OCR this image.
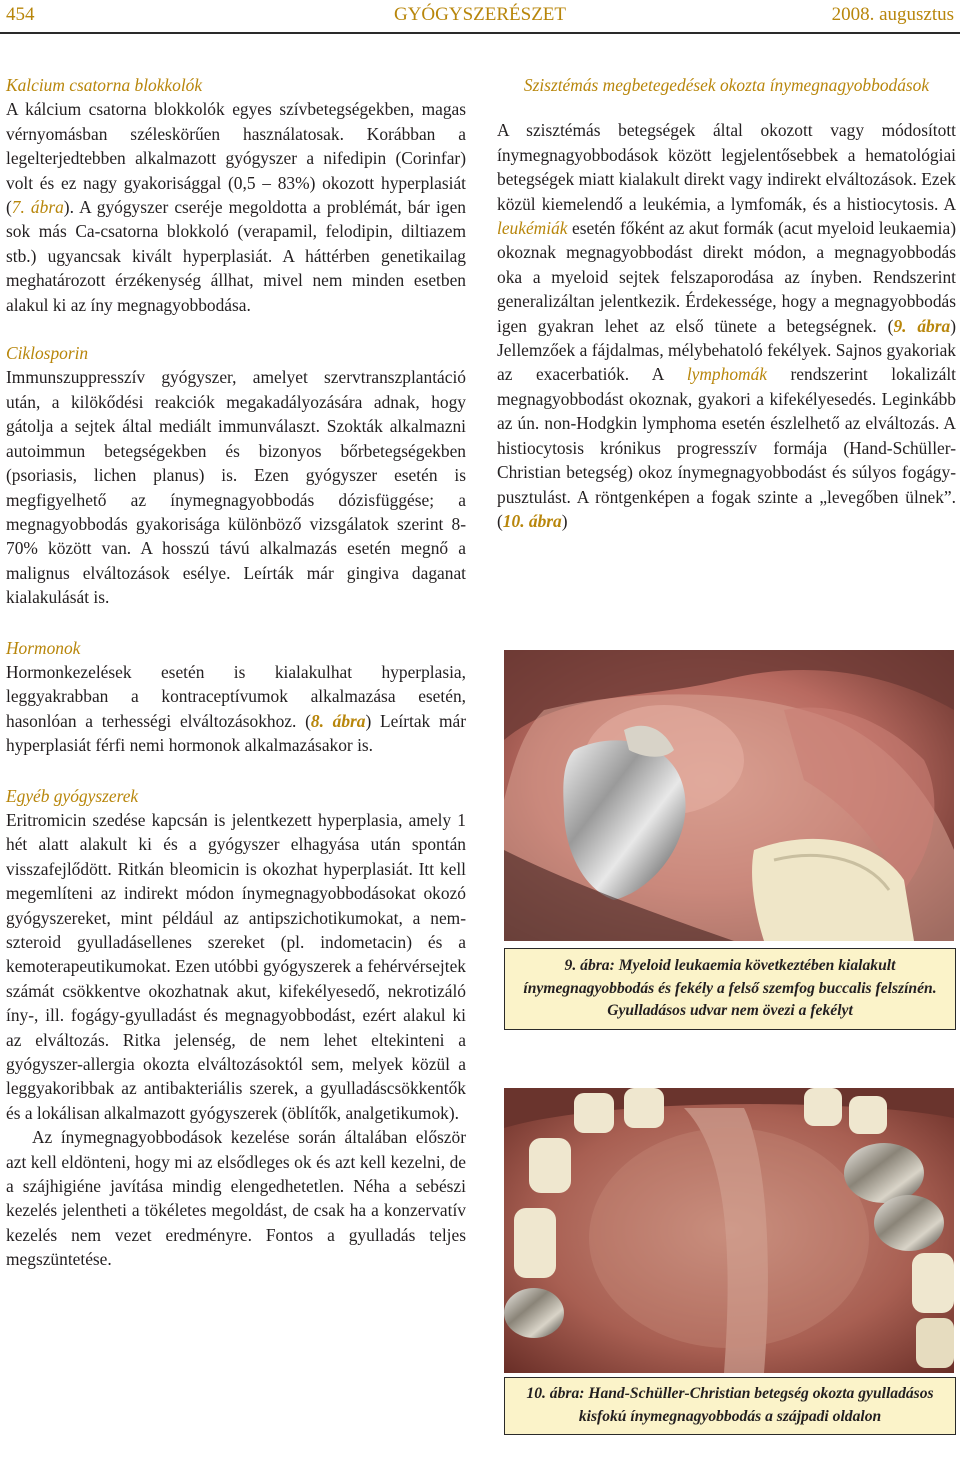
454	GYÓGYSZERÉSZET	2008. augusztus
Kalcium csatorna blokkolók

A kálcium csatorna blokkolók egyes szívbetegségekben, magas vérnyomásban széleskörűen használatosak. Korábban a legelterjedtebben alkalmazott gyógyszer a nifedipin (Corinfar) volt és ez nagy gyakorisággal (0,5 – 83%) okozott hyperplasiát (7. ábra). A gyógyszer cseréje megoldotta a problémát, bár igen sok más Ca-csatorna blokkoló (verapamil, felodipin, diltiazem stb.) ugyancsak kivált hyperplasiát. A háttérben genetikailag meghatározott érzékenység állhat, mivel nem minden esetben alakul ki az íny megnagyobbodása.

Ciklosporin

Immunszuppresszív gyógyszer, amelyet szervtranszplantáció után, a kilökődési reakciók megakadályozására adnak, hogy gátolja a sejtek által mediált immunválaszt. Szokták alkalmazni autoimmun betegségekben és bizonyos bőrbetegségekben (psoriasis, lichen planus) is. Ezen gyógyszer esetén is megfigyelhető az ínymegnagyobbodás dózisfüggése; a megnagyobbodás gyakorisága különböző vizsgálatok szerint 8-70% között van. A hosszú távú alkalmazás esetén megnő a malignus elváltozások esélye. Leírták már gingiva daganat kialakulását is.

Hormonok

Hormonkezelések esetén is kialakulhat hyperplasia, leggyakrabban a kontraceptívumok alkalmazása esetén, hasonlóan a terhességi elváltozásokhoz. (8. ábra) Leírtak már hyperplasiát férfi nemi hormonok alkalmazásakor is.

Egyéb gyógyszerek

Eritromicin szedése kapcsán is jelentkezett hyperplasia, amely 1 hét alatt alakult ki és a gyógyszer elhagyása után spontán visszafejlődött. Ritkán bleomicin is okozhat hyperplasiát. Itt kell megemlíteni az indirekt módon ínymegnagyobbodásokat okozó gyógyszereket, mint például az antipszichotikumokat, a nem-szteroid gyulladásellenes szereket (pl. indometacin) és a kemoterapeutikumokat. Ezen utóbbi gyógyszerek a fehérvérsejtek számát csökkentve okozhatnak akut, kifekélyesedő, nekrotizáló íny-, ill. fogágy-gyulladást és megnagyobbodást, ezért alakul ki az elváltozás. Ritka jelenség, de nem lehet eltekinteni a gyógyszer-allergia okozta elváltozásoktól sem, melyek közül a leggyakoribbak az antibakteriális szerek, a gyulladáscsökkentők és a lokálisan alkalmazott gyógyszerek (öblítők, analgetikumok).

Az ínymegnagyobbodások kezelése során általában először azt kell eldönteni, hogy mi az elsődleges ok és azt kell kezelni, de a szájhigiéne javítása mindig elengedhetetlen. Néha a sebészi kezelés jelentheti a tökéletes megoldást, de csak ha a konzervatív kezelés nem vezet eredményre. Fontos a gyulladás teljes megszüntetése.

Szisztémás megbetegedések okozta ínymegnagyobbodások

A szisztémás betegségek által okozott vagy módosított ínymegnagyobbodások között legjelentősebbek a hematológiai betegségek miatt kialakult direkt vagy indirekt elváltozások. Ezek közül kiemelendő a leukémia, a lymfomák, és a histiocytosis. A leukémiák esetén főként az akut formák (acut myeloid leukaemia) okoznak megnagyobbodást direkt módon, a megnagyobbodás oka a myeloid sejtek felszaporodása az ínyben. Rendszerint generalizáltan jelentkezik. Érdekessége, hogy a megnagyobbodás igen gyakran lehet az első tünete a betegségnek. (9. ábra) Jellemzőek a fájdalmas, mélybehatoló fekélyek. Sajnos gyakoriak az exacerbatiók. A lymphomák rendszerint lokalizált megnagyobbodást okoznak, gyakori a kifekélyesedés. Leginkább az ún. non-Hodgkin lymphoma esetén észlelhető az elváltozás. A histiocytosis krónikus progresszív formája (Hand-Schüller-Christian betegség) okoz ínymegnagyobbodást és súlyos fogágy-pusztulást. A röntgenképen a fogak szinte a „levegőben ülnek”. (10. ábra)

9. ábra: Myeloid leukaemia következtében kialakult ínymegnagyobbodás és fekély a felső szemfog buccalis felszínén. Gyulladásos udvar nem övezi a fekélyt
10. ábra: Hand-Schüller-Christian betegség okozta gyulladásos kisfokú ínymegnagyobbodás a szájpadi oldalon
